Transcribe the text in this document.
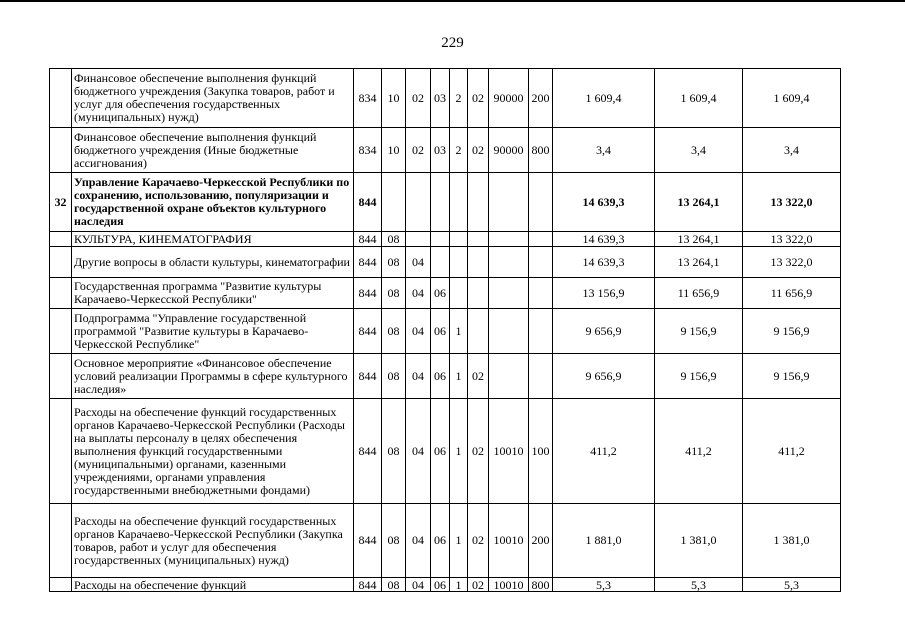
229
	Финансовое обеспечение выполнения функций бюджетного учреждения (Закупка товаров, работ и услуг для обеспечения государственных (муниципальных) нужд)	834	10	02	03	2	02	90000	200	1 609,4	1 609,4	1 609,4
	Финансовое обеспечение выполнения функций бюджетного учреждения (Иные бюджетные ассигнования)	834	10	02	03	2	02	90000	800	3,4	3,4	3,4
32	Управление Карачаево-Черкесской Республики по сохранению, использованию, популяризации и государственной охране объектов культурного наследия	844								14 639,3	13 264,1	13 322,0
	КУЛЬТУРА, КИНЕМАТОГРАФИЯ	844	08							14 639,3	13 264,1	13 322,0
	Другие вопросы в области культуры, кинематографии	844	08	04						14 639,3	13 264,1	13 322,0
	Государственная программа "Развитие культуры Карачаево-Черкесской Республики"	844	08	04	06					13 156,9	11 656,9	11 656,9
	Подпрограмма "Управление государственной программой "Развитие культуры в Карачаево-Черкесской Республике"	844	08	04	06	1				9 656,9	9 156,9	9 156,9
	Основное мероприятие «Финансовое обеспечение условий реализации Программы в сфере культурного наследия»	844	08	04	06	1	02			9 656,9	9 156,9	9 156,9
	Расходы на обеспечение функций государственных органов Карачаево-Черкесской Республики (Расходы на выплаты персоналу в целях обеспечения выполнения функций государственными (муниципальными) органами, казенными учреждениями, органами управления государственными внебюджетными фондами)	844	08	04	06	1	02	10010	100	411,2	411,2	411,2
	Расходы на обеспечение функций государственных органов Карачаево-Черкесской Республики (Закупка товаров, работ и услуг для обеспечения государственных (муниципальных) нужд)	844	08	04	06	1	02	10010	200	1 881,0	1 381,0	1 381,0
	Расходы на обеспечение функций	844	08	04	06	1	02	10010	800	5,3	5,3	5,3
